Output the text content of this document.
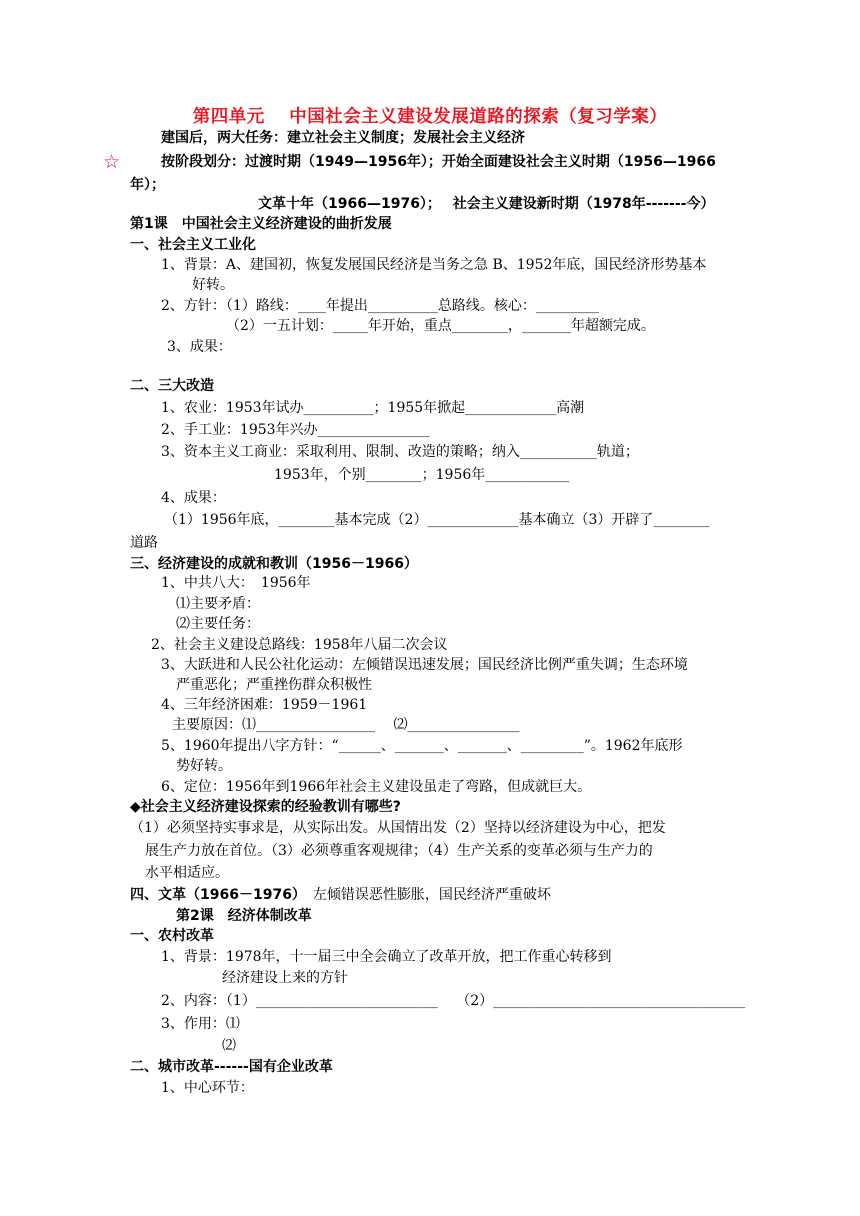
第四单元　 中国社会主义建设发展道路的探索（复习学案）
☆
建国后，两大任务：建立社会主义制度；发展社会主义经济
按阶段划分：过渡时期（1949—1956年）；开始全面建设社会主义时期（1956—1966
年）；
文革十年（1966—1976）；　 社会主义建设新时期（1978年-------今）
第1课　中国社会主义经济建设的曲折发展
一、社会主义工业化
1、背景：A、建国初，恢复发展国民经济是当务之急 B、1952年底，国民经济形势基本
好转。
2、方针：（1）路线：____年提出__________总路线。核心：_________
（2）一五计划：_____年开始，重点________，_______年超额完成。
3、成果：
二、三大改造
1、农业：1953年试办__________；1955年掀起_____________高潮
2、手工业：1953年兴办________________
3、资本主义工商业：采取利用、限制、改造的策略；纳入___________轨道；
1953年，个别________；1956年____________
4、成果：
（1）1956年底，________基本完成（2）_____________基本确立（3）开辟了________
道路
三、经济建设的成就和教训（1956－1966）
1、中共八大：　1956年
⑴主要矛盾：
⑵主要任务：
2、社会主义建设总路线：1958年八届二次会议
3、大跃进和人民公社化运动：左倾错误迅速发展；国民经济比例严重失调；生态环境
严重恶化；严重挫伤群众积极性
4、三年经济困难：1959－1961
主要原因：⑴_________________　 ⑵________________
5、1960年提出八字方针：“______、_______、_______、_________”。1962年底形
势好转。
6、定位：1956年到1966年社会主义建设虽走了弯路，但成就巨大。
◆社会主义经济建设探索的经验教训有哪些?
（1）必须坚持实事求是，从实际出发。从国情出发（2）坚持以经济建设为中心，把发
展生产力放在首位。（3）必须尊重客观规律；（4）生产关系的变革必须与生产力的
水平相适应。
四、文革（1966－1976）　左倾错误恶性膨胀，国民经济严重破坏
第2课　经济体制改革
一、农村改革
1、背景：1978年，十一届三中全会确立了改革开放，把工作重心转移到
经济建设上来的方针
2、内容：（1）__________________________　 （2）____________________________________
3、作用：⑴
⑵
二、城市改革------国有企业改革
1、中心环节：
